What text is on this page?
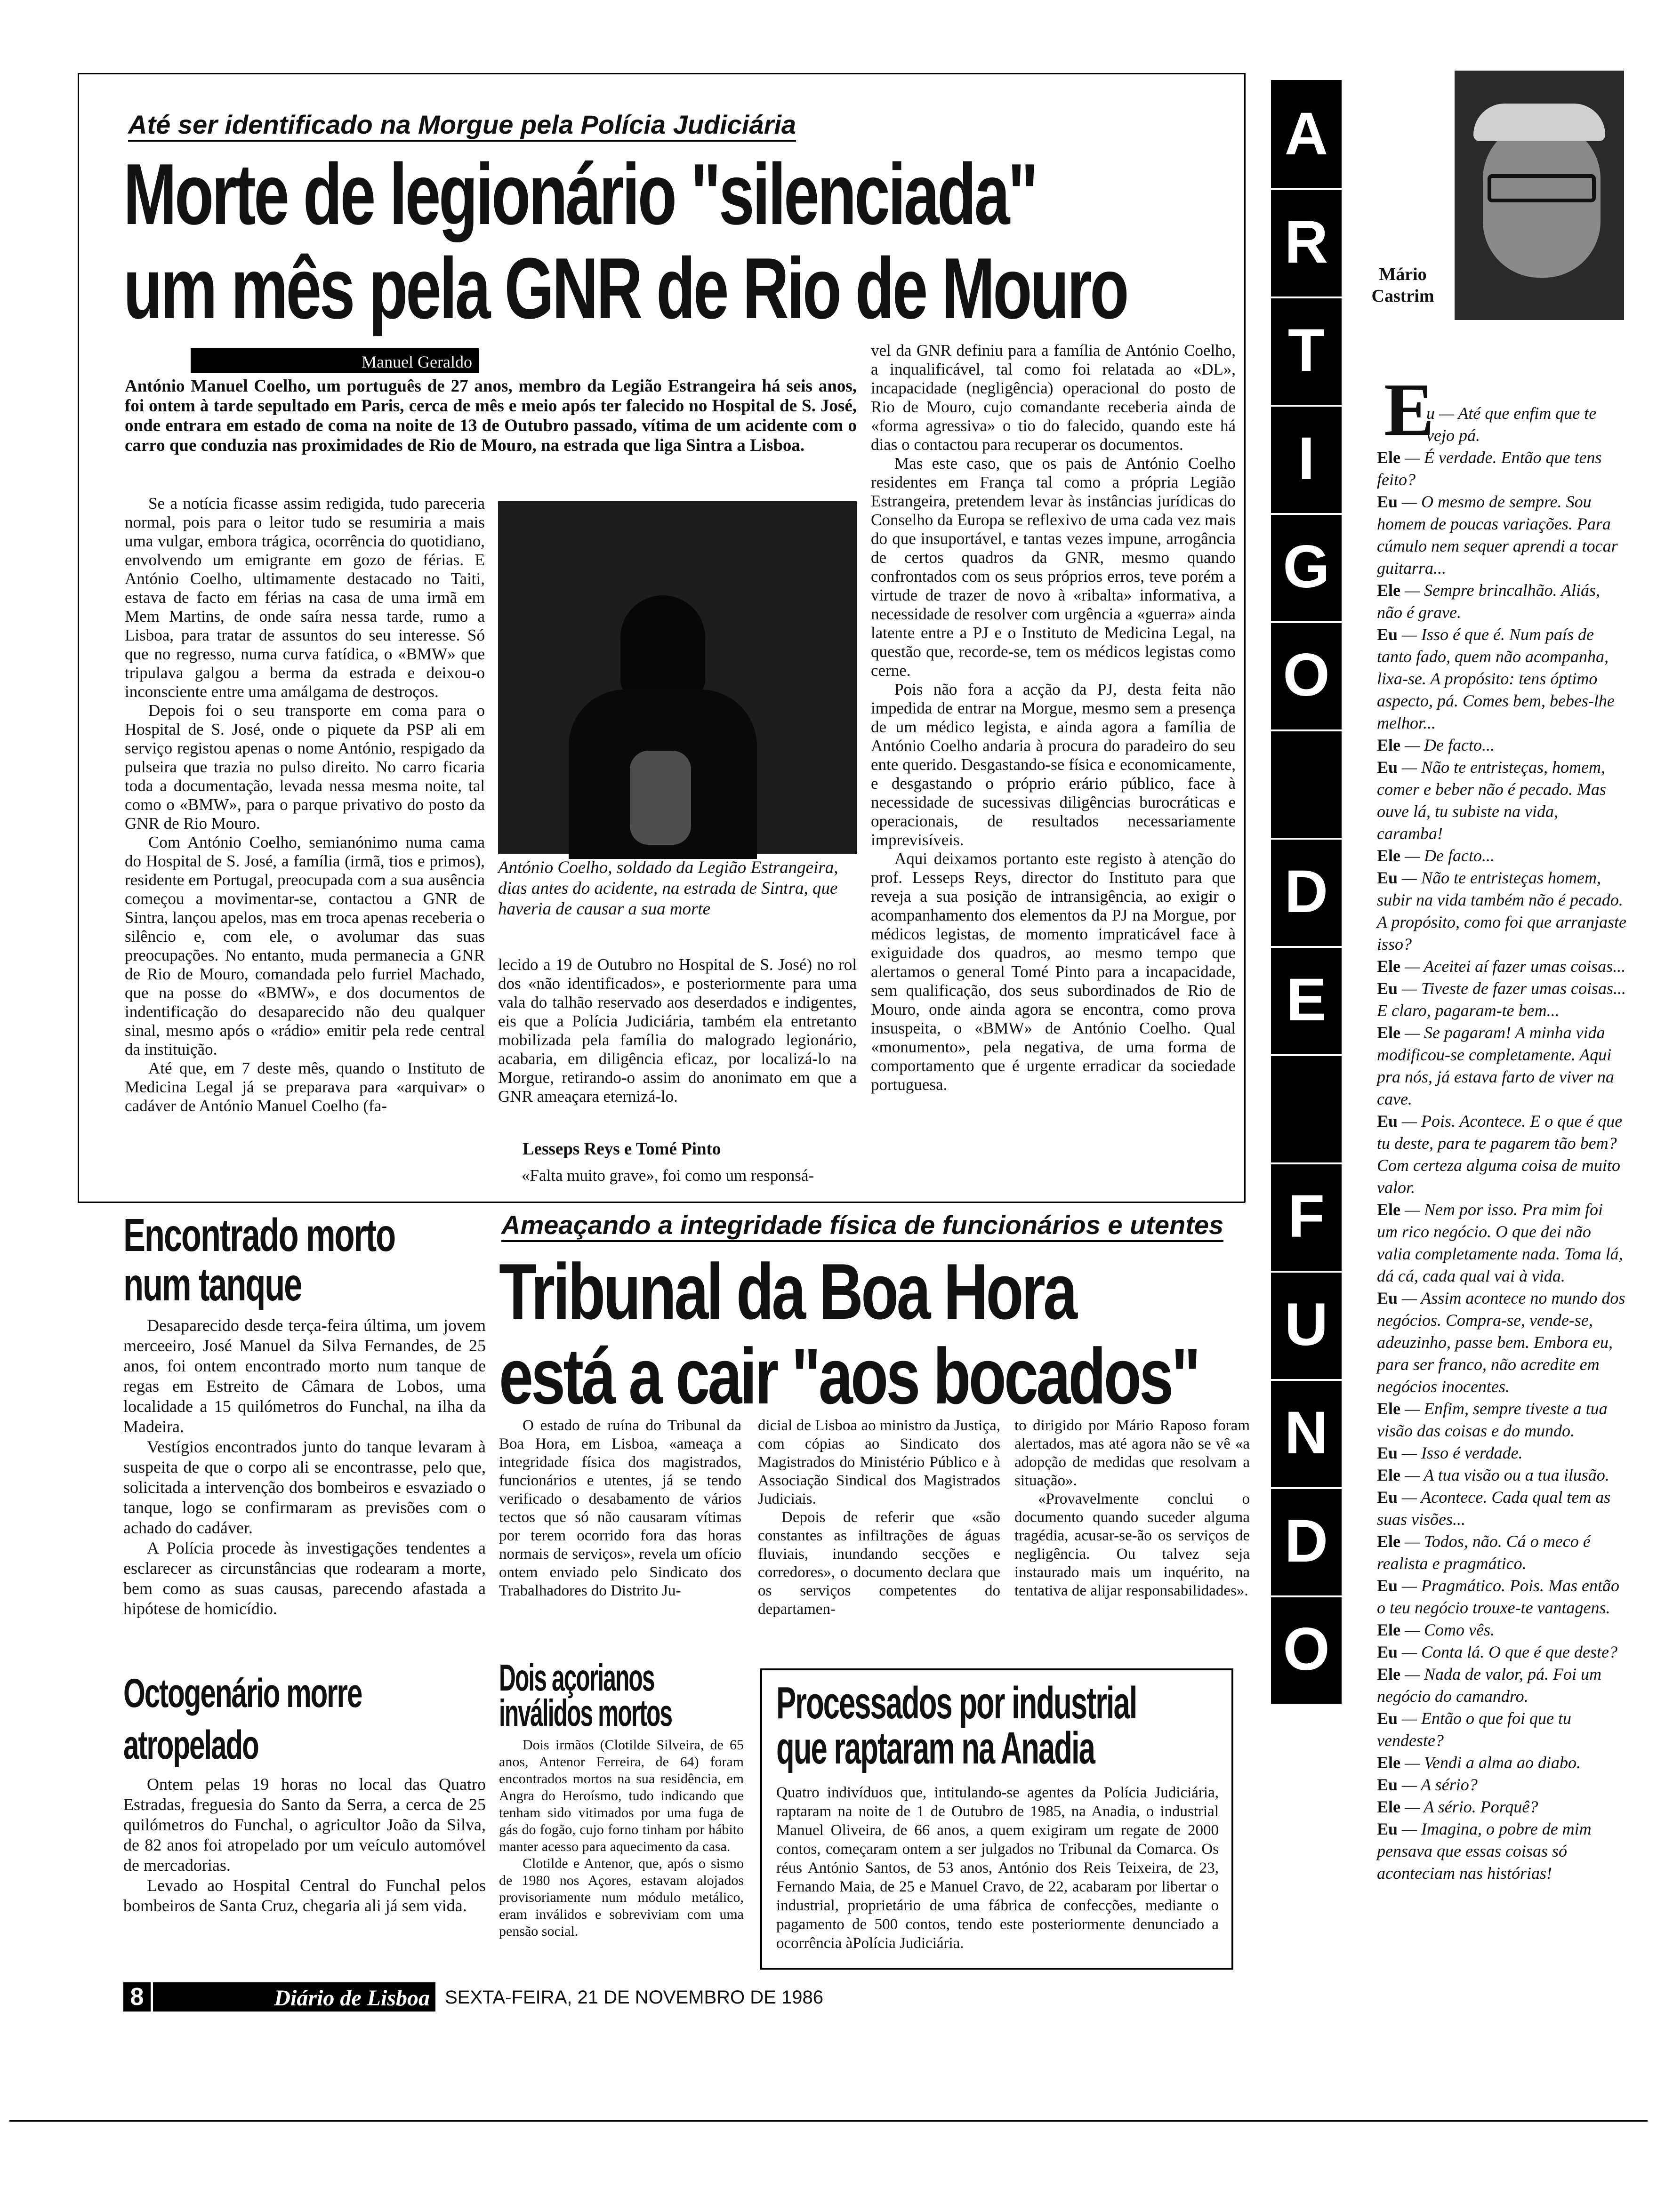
Até ser identificado na Morgue pela Polícia Judiciária
Morte de legionário "silenciada"
um mês pela GNR de Rio de Mouro
Manuel Geraldo
António Manuel Coelho, um português de 27 anos, membro da Legião Estrangeira há seis anos, foi ontem à tarde sepultado em Paris, cerca de mês e meio após ter falecido no Hospital de S. José, onde entrara em estado de coma na noite de 13 de Outubro passado, vítima de um acidente com o carro que conduzia nas proximidades de Rio de Mouro, na estrada que liga Sintra a Lisboa.

Se a notícia ficasse assim redigida, tudo pareceria normal, pois para o leitor tudo se resumiria a mais uma vulgar, embora trágica, ocorrência do quotidiano, envolvendo um emigrante em gozo de férias. E António Coelho, ultimamente destacado no Taiti, estava de facto em férias na casa de uma irmã em Mem Martins, de onde saíra nessa tarde, rumo a Lisboa, para tratar de assuntos do seu interesse. Só que no regresso, numa curva fatídica, o «BMW» que tripulava galgou a berma da estrada e deixou-o inconsciente entre uma amálgama de destroços.

Depois foi o seu transporte em coma para o Hospital de S. José, onde o piquete da PSP ali em serviço registou apenas o nome António, respigado da pulseira que trazia no pulso direito. No carro ficaria toda a documentação, levada nessa mesma noite, tal como o «BMW», para o parque privativo do posto da GNR de Rio Mouro.

Com António Coelho, semianónimo numa cama do Hospital de S. José, a família (irmã, tios e primos), residente em Portugal, preocupada com a sua ausência começou a movimentar-se, contactou a GNR de Sintra, lançou apelos, mas em troca apenas receberia o silêncio e, com ele, o avolumar das suas preocupações. No entanto, muda permanecia a GNR de Rio de Mouro, comandada pelo furriel Machado, que na posse do «BMW», e dos documentos de indentificação do desaparecido não deu qualquer sinal, mesmo após o «rádio» emitir pela rede central da instituição.

Até que, em 7 deste mês, quando o Instituto de Medicina Legal já se preparava para «arquivar» o cadáver de António Manuel Coelho (fa-

António Coelho, soldado da Legião Estrangeira, dias antes do acidente, na estrada de Sintra, que haveria de causar a sua morte

lecido a 19 de Outubro no Hospital de S. José) no rol dos «não identificados», e posteriormente para uma vala do talhão reservado aos deserdados e indigentes, eis que a Polícia Judiciária, também ela entretanto mobilizada pela família do malogrado legionário, acabaria, em diligência eficaz, por localizá-lo na Morgue, retirando-o assim do anonimato em que a GNR ameaçara eternizá-lo.

Lesseps Reys e Tomé Pinto

«Falta muito grave», foi como um responsá-

vel da GNR definiu para a família de António Coelho, a inqualificável, tal como foi relatada ao «DL», incapacidade (negligência) operacional do posto de Rio de Mouro, cujo comandante receberia ainda de «forma agressiva» o tio do falecido, quando este há dias o contactou para recuperar os documentos.

Mas este caso, que os pais de António Coelho residentes em França tal como a própria Legião Estrangeira, pretendem levar às instâncias jurídicas do Conselho da Europa se reflexivo de uma cada vez mais do que insuportável, e tantas vezes impune, arrogância de certos quadros da GNR, mesmo quando confrontados com os seus próprios erros, teve porém a virtude de trazer de novo à «ribalta» informativa, a necessidade de resolver com urgência a «guerra» ainda latente entre a PJ e o Instituto de Medicina Legal, na questão que, recorde-se, tem os médicos legistas como cerne.

Pois não fora a acção da PJ, desta feita não impedida de entrar na Morgue, mesmo sem a presença de um médico legista, e ainda agora a família de António Coelho andaria à procura do paradeiro do seu ente querido. Desgastando-se física e economicamente, e desgastando o próprio erário público, face à necessidade de sucessivas diligências burocráticas e operacionais, de resultados necessariamente imprevisíveis.

Aqui deixamos portanto este registo à atenção do prof. Lesseps Reys, director do Instituto para que reveja a sua posição de intransigência, ao exigir o acompanhamento dos elementos da PJ na Morgue, por médicos legistas, de momento impraticável face à exiguidade dos quadros, ao mesmo tempo que alertamos o general Tomé Pinto para a incapacidade, sem qualificação, dos seus subordinados de Rio de Mouro, onde ainda agora se encontra, como prova insuspeita, o «BMW» de António Coelho. Qual «monumento», pela negativa, de uma forma de comportamento que é urgente erradicar da sociedade portuguesa.

Encontrado morto
num tanque

Desaparecido desde terça-feira última, um jovem merceeiro, José Manuel da Silva Fernandes, de 25 anos, foi ontem encontrado morto num tanque de regas em Estreito de Câmara de Lobos, uma localidade a 15 quilómetros do Funchal, na ilha da Madeira.

Vestígios encontrados junto do tanque levaram à suspeita de que o corpo ali se encontrasse, pelo que, solicitada a intervenção dos bombeiros e esvaziado o tanque, logo se confirmaram as previsões com o achado do cadáver.

A Polícia procede às investigações tendentes a esclarecer as circunstâncias que rodearam a morte, bem como as suas causas, parecendo afastada a hipótese de homicídio.

Octogenário morre
atropelado

Ontem pelas 19 horas no local das Quatro Estradas, freguesia do Santo da Serra, a cerca de 25 quilómetros do Funchal, o agricultor João da Silva, de 82 anos foi atropelado por um veículo automóvel de mercadorias.

Levado ao Hospital Central do Funchal pelos bombeiros de Santa Cruz, chegaria ali já sem vida.

Ameaçando a integridade física de funcionários e utentes
Tribunal da Boa Hora
está a cair "aos bocados"

O estado de ruína do Tribunal da Boa Hora, em Lisboa, «ameaça a integridade física dos magistrados, funcionários e utentes, já se tendo verificado o desabamento de vários tectos que só não causaram vítimas por terem ocorrido fora das horas normais de serviços», revela um ofício ontem enviado pelo Sindicato dos Trabalhadores do Distrito Ju-

dicial de Lisboa ao ministro da Justiça, com cópias ao Sindicato dos Magistrados do Ministério Público e à Associação Sindical dos Magistrados Judiciais.

Depois de referir que «são constantes as infiltrações de águas fluviais, inundando secções e corredores», o documento declara que os serviços competentes do departamen-

to dirigido por Mário Raposo foram alertados, mas até agora não se vê «a adopção de medidas que resolvam a situação».

«Provavelmente conclui o documento quando suceder alguma tragédia, acusar-se-ão os serviços de negligência. Ou talvez seja instaurado mais um inquérito, na tentativa de alijar responsabilidades».

Dois açorianos
inválidos mortos

Dois irmãos (Clotilde Silveira, de 65 anos, Antenor Ferreira, de 64) foram encontrados mortos na sua residência, em Angra do Heroísmo, tudo indicando que tenham sido vitimados por uma fuga de gás do fogão, cujo forno tinham por hábito manter acesso para aquecimento da casa.

Clotilde e Antenor, que, após o sismo de 1980 nos Açores, estavam alojados provisoriamente num módulo metálico, eram inválidos e sobreviviam com uma pensão social.

Processados por industrial
que raptaram na Anadia

Quatro indivíduos que, intitulando-se agentes da Polícia Judiciária, raptaram na noite de 1 de Outubro de 1985, na Anadia, o industrial Manuel Oliveira, de 66 anos, a quem exigiram um regate de 2000 contos, começaram ontem a ser julgados no Tribunal da Comarca. Os réus António Santos, de 53 anos, António dos Reis Teixeira, de 23, Fernando Maia, de 25 e Manuel Cravo, de 22, acabaram por libertar o industrial, proprietário de uma fábrica de confecções, mediante o pagamento de 500 contos, tendo este posteriormente denunciado a ocorrência àPolícia Judiciária.

8	Diário de Lisboa SEXTA-FEIRA, 21 DE NOVEMBRO DE 1986
A
R
T
I
G
O
D
E
F
U
N
D
O
Mário
Castrim
E

u — Até que enfim que te vejo pá.

Ele — É verdade. Então que tens feito?

Eu — O mesmo de sempre. Sou homem de poucas variações. Para cúmulo nem sequer aprendi a tocar guitarra...

Ele — Sempre brincalhão. Aliás, não é grave.

Eu — Isso é que é. Num país de tanto fado, quem não acompanha, lixa-se. A propósito: tens óptimo aspecto, pá. Comes bem, bebes-lhe melhor...

Ele — De facto...

Eu — Não te entristeças, homem, comer e beber não é pecado. Mas ouve lá, tu subiste na vida, caramba!

Ele — De facto...

Eu — Não te entristeças homem, subir na vida também não é pecado. A propósito, como foi que arranjaste isso?

Ele — Aceitei aí fazer umas coisas...

Eu — Tiveste de fazer umas coisas... E claro, pagaram-te bem...

Ele — Se pagaram! A minha vida modificou-se completamente. Aqui pra nós, já estava farto de viver na cave.

Eu — Pois. Acontece. E o que é que tu deste, para te pagarem tão bem? Com certeza alguma coisa de muito valor.

Ele — Nem por isso. Pra mim foi um rico negócio. O que dei não valia completamente nada. Toma lá, dá cá, cada qual vai à vida.

Eu — Assim acontece no mundo dos negócios. Compra-se, vende-se, adeuzinho, passe bem. Embora eu, para ser franco, não acredite em negócios inocentes.

Ele — Enfim, sempre tiveste a tua visão das coisas e do mundo.

Eu — Isso é verdade.

Ele — A tua visão ou a tua ilusão.

Eu — Acontece. Cada qual tem as suas visões...

Ele — Todos, não. Cá o meco é realista e pragmático.

Eu — Pragmático. Pois. Mas então o teu negócio trouxe-te vantagens.

Ele — Como vês.

Eu — Conta lá. O que é que deste?

Ele — Nada de valor, pá. Foi um negócio do camandro.

Eu — Então o que foi que tu vendeste?

Ele — Vendi a alma ao diabo.

Eu — A sério?

Ele — A sério. Porquê?

Eu — Imagina, o pobre de mim pensava que essas coisas só aconteciam nas histórias!
